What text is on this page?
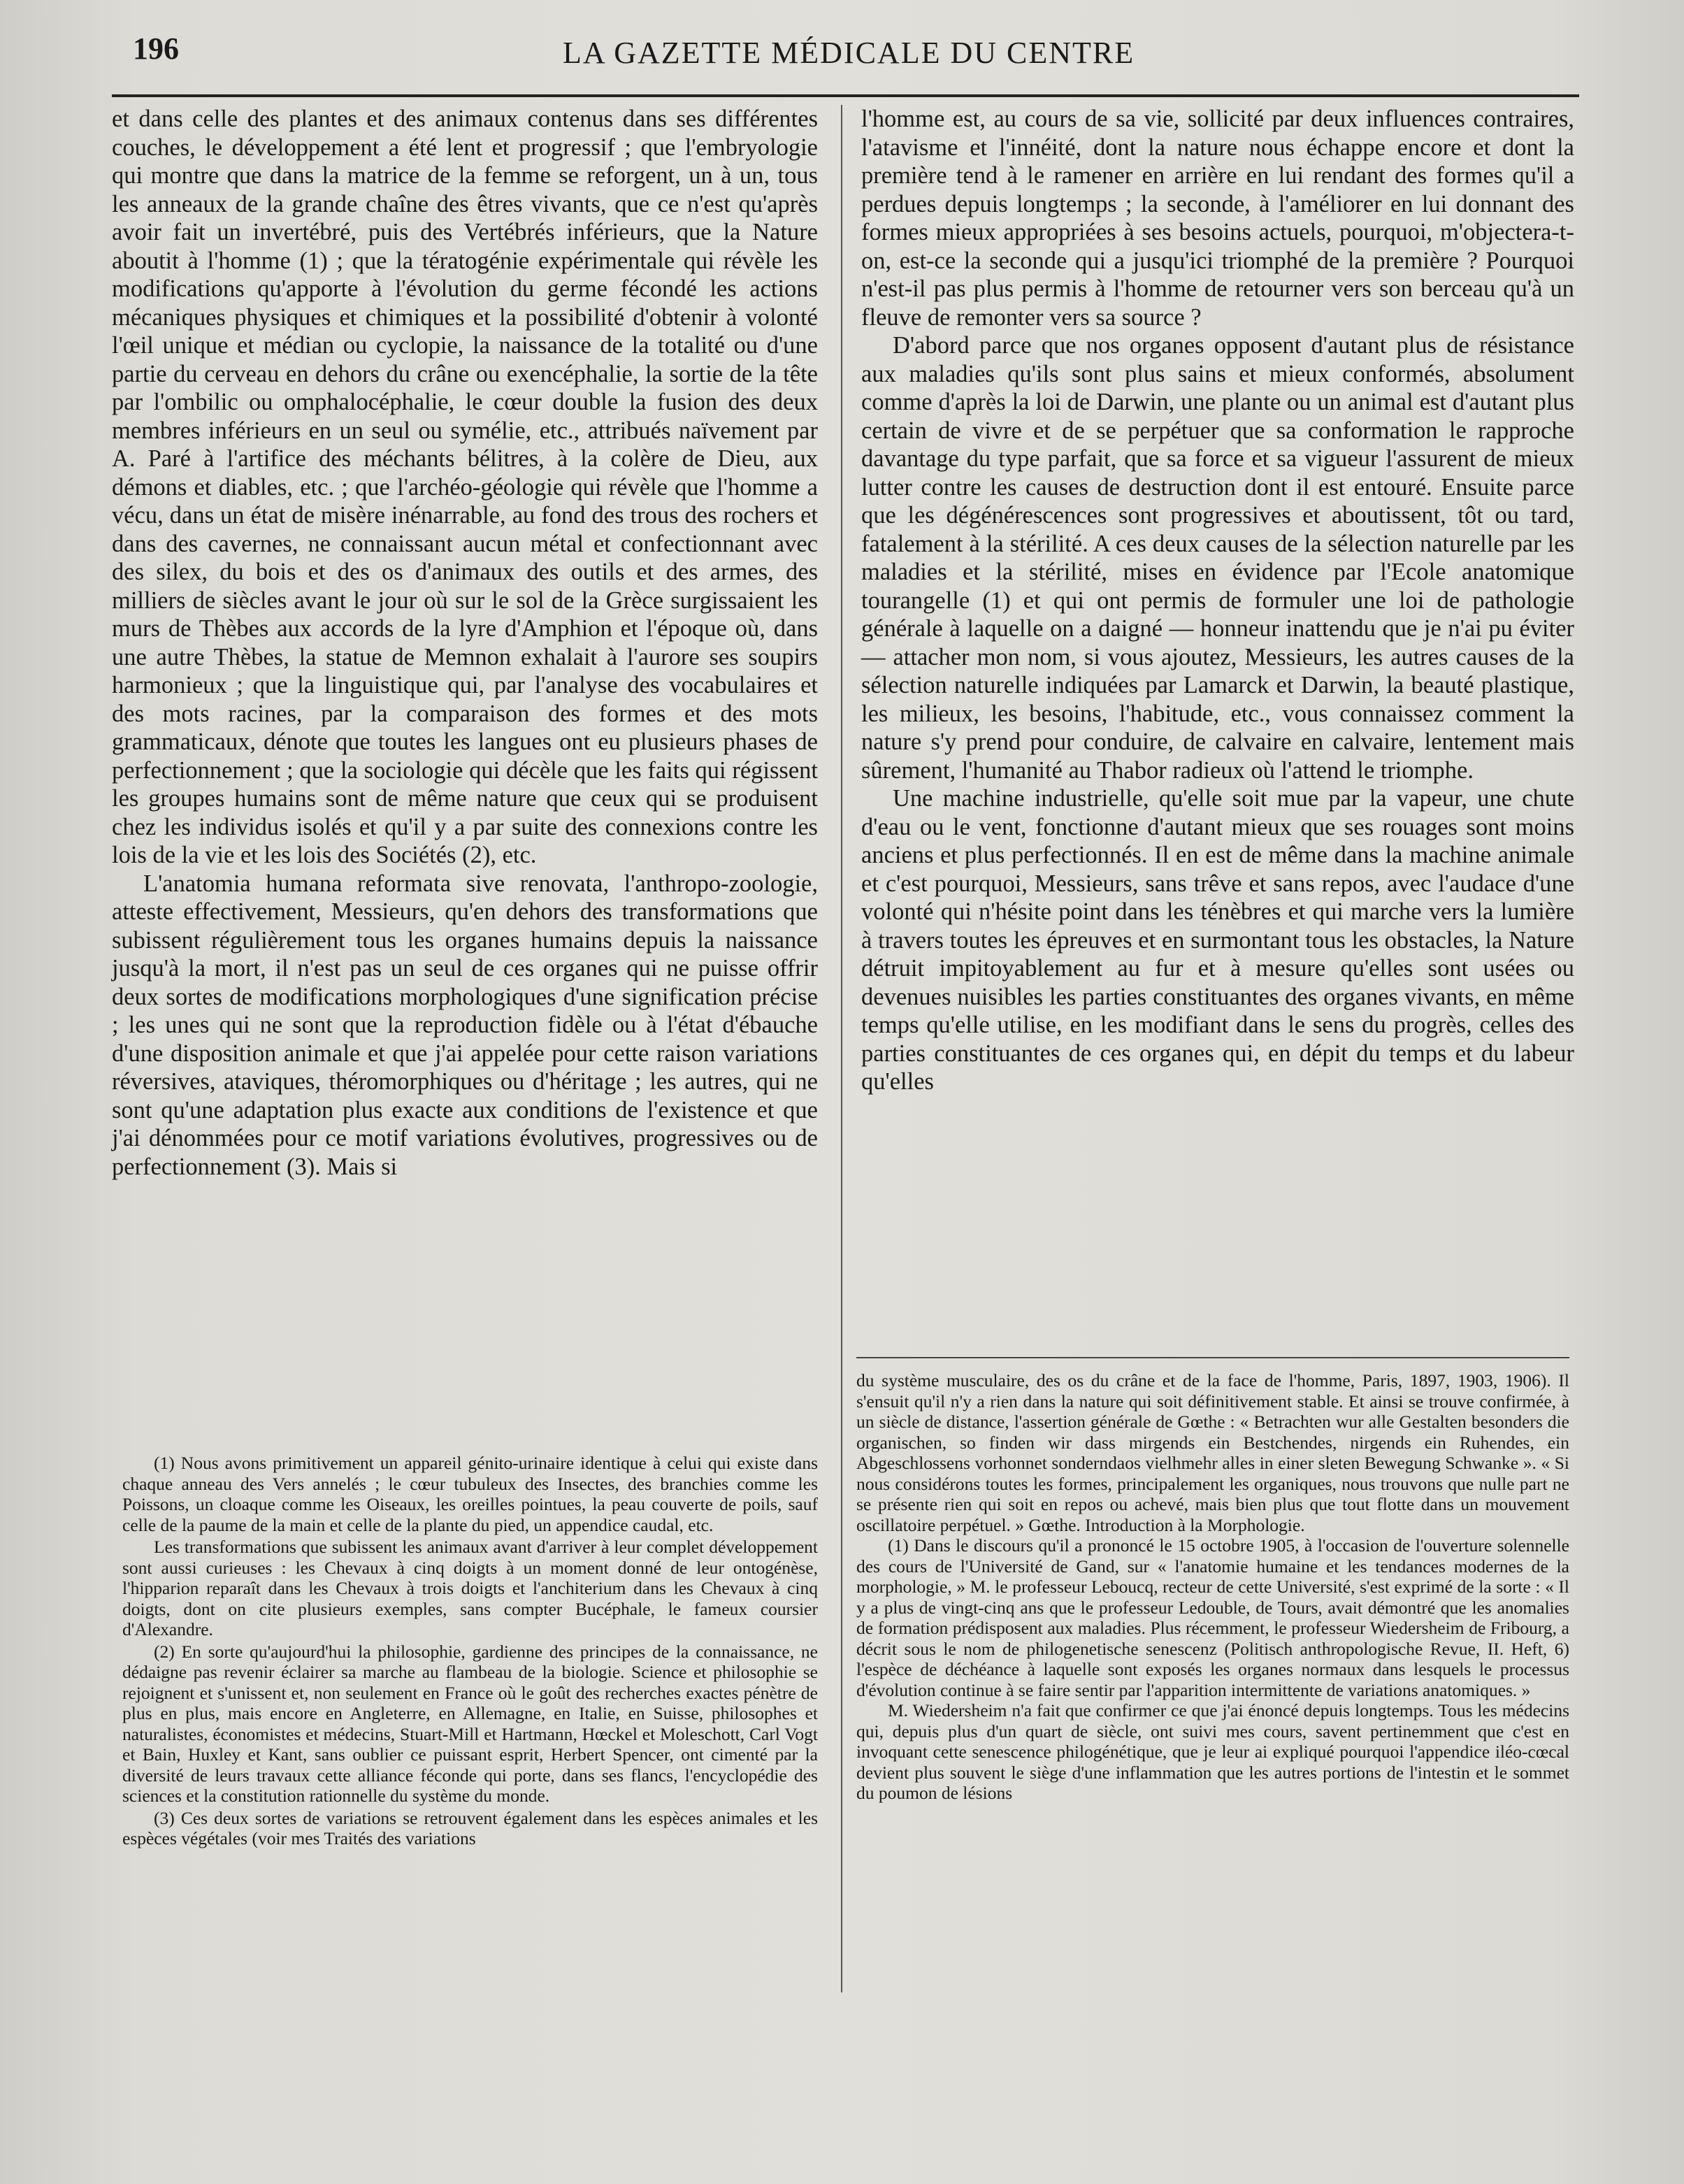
196	LA GAZETTE MÉDICALE DU CENTRE

et dans celle des plantes et des animaux contenus dans ses différentes couches, le développement a été lent et progressif ; que l'embryologie qui montre que dans la matrice de la femme se reforgent, un à un, tous les anneaux de la grande chaîne des êtres vivants, que ce n'est qu'après avoir fait un invertébré, puis des Vertébrés inférieurs, que la Nature aboutit à l'homme (1) ; que la tératogénie expérimentale qui révèle les modifications qu'apporte à l'évolution du germe fécondé les actions mécaniques physiques et chimiques et la possibilité d'obtenir à volonté l'œil unique et médian ou cyclopie, la naissance de la totalité ou d'une partie du cerveau en dehors du crâne ou exencéphalie, la sortie de la tête par l'ombilic ou omphalocéphalie, le cœur double la fusion des deux membres inférieurs en un seul ou symélie, etc., attribués naïvement par A. Paré à l'artifice des méchants bélitres, à la colère de Dieu, aux démons et diables, etc. ; que l'archéo-géologie qui révèle que l'homme a vécu, dans un état de misère inénarrable, au fond des trous des rochers et dans des cavernes, ne connaissant aucun métal et confectionnant avec des silex, du bois et des os d'animaux des outils et des armes, des milliers de siècles avant le jour où sur le sol de la Grèce surgissaient les murs de Thèbes aux accords de la lyre d'Amphion et l'époque où, dans une autre Thèbes, la statue de Memnon exhalait à l'aurore ses soupirs harmonieux ; que la linguistique qui, par l'analyse des vocabulaires et des mots racines, par la comparaison des formes et des mots grammaticaux, dénote que toutes les langues ont eu plusieurs phases de perfectionnement ; que la sociologie qui décèle que les faits qui régissent les groupes humains sont de même nature que ceux qui se produisent chez les individus isolés et qu'il y a par suite des connexions contre les lois de la vie et les lois des Sociétés (2), etc.

L'anatomia humana reformata sive renovata, l'anthropo-zoologie, atteste effectivement, Messieurs, qu'en dehors des transformations que subissent régulièrement tous les organes humains depuis la naissance jusqu'à la mort, il n'est pas un seul de ces organes qui ne puisse offrir deux sortes de modifications morphologiques d'une signification précise ; les unes qui ne sont que la reproduction fidèle ou à l'état d'ébauche d'une disposition animale et que j'ai appelée pour cette raison variations réversives, ataviques, théromorphiques ou d'héritage ; les autres, qui ne sont qu'une adaptation plus exacte aux conditions de l'existence et que j'ai dénommées pour ce motif variations évolutives, progressives ou de perfectionnement (3). Mais si

l'homme est, au cours de sa vie, sollicité par deux influences contraires, l'atavisme et l'innéité, dont la nature nous échappe encore et dont la première tend à le ramener en arrière en lui rendant des formes qu'il a perdues depuis longtemps ; la seconde, à l'améliorer en lui donnant des formes mieux appropriées à ses besoins actuels, pourquoi, m'objectera-t-on, est-ce la seconde qui a jusqu'ici triomphé de la première ? Pourquoi n'est-il pas plus permis à l'homme de retourner vers son berceau qu'à un fleuve de remonter vers sa source ?

D'abord parce que nos organes opposent d'autant plus de résistance aux maladies qu'ils sont plus sains et mieux conformés, absolument comme d'après la loi de Darwin, une plante ou un animal est d'autant plus certain de vivre et de se perpétuer que sa conformation le rapproche davantage du type parfait, que sa force et sa vigueur l'assurent de mieux lutter contre les causes de destruction dont il est entouré. Ensuite parce que les dégénérescences sont progressives et aboutissent, tôt ou tard, fatalement à la stérilité. A ces deux causes de la sélection naturelle par les maladies et la stérilité, mises en évidence par l'Ecole anatomique tourangelle (1) et qui ont permis de formuler une loi de pathologie générale à laquelle on a daigné — honneur inattendu que je n'ai pu éviter — attacher mon nom, si vous ajoutez, Messieurs, les autres causes de la sélection naturelle indiquées par Lamarck et Darwin, la beauté plastique, les milieux, les besoins, l'habitude, etc., vous connaissez comment la nature s'y prend pour conduire, de calvaire en calvaire, lentement mais sûrement, l'humanité au Thabor radieux où l'attend le triomphe.

Une machine industrielle, qu'elle soit mue par la vapeur, une chute d'eau ou le vent, fonctionne d'autant mieux que ses rouages sont moins anciens et plus perfectionnés. Il en est de même dans la machine animale et c'est pourquoi, Messieurs, sans trêve et sans repos, avec l'audace d'une volonté qui n'hésite point dans les ténèbres et qui marche vers la lumière à travers toutes les épreuves et en surmontant tous les obstacles, la Nature détruit impitoyablement au fur et à mesure qu'elles sont usées ou devenues nuisibles les parties constituantes des organes vivants, en même temps qu'elle utilise, en les modifiant dans le sens du progrès, celles des parties constituantes de ces organes qui, en dépit du temps et du labeur qu'elles

(1) Nous avons primitivement un appareil génito-urinaire identique à celui qui existe dans chaque anneau des Vers annelés ; le cœur tubuleux des Insectes, des branchies comme les Poissons, un cloaque comme les Oiseaux, les oreilles pointues, la peau couverte de poils, sauf celle de la paume de la main et celle de la plante du pied, un appendice caudal, etc.

Les transformations que subissent les animaux avant d'arriver à leur complet développement sont aussi curieuses : les Chevaux à cinq doigts à un moment donné de leur ontogénèse, l'hipparion reparaît dans les Chevaux à trois doigts et l'anchiterium dans les Chevaux à cinq doigts, dont on cite plusieurs exemples, sans compter Bucéphale, le fameux coursier d'Alexandre.

(2) En sorte qu'aujourd'hui la philosophie, gardienne des principes de la connaissance, ne dédaigne pas revenir éclairer sa marche au flambeau de la biologie. Science et philosophie se rejoignent et s'unissent et, non seulement en France où le goût des recherches exactes pénètre de plus en plus, mais encore en Angleterre, en Allemagne, en Italie, en Suisse, philosophes et naturalistes, économistes et médecins, Stuart-Mill et Hartmann, Hœckel et Moleschott, Carl Vogt et Bain, Huxley et Kant, sans oublier ce puissant esprit, Herbert Spencer, ont cimenté par la diversité de leurs travaux cette alliance féconde qui porte, dans ses flancs, l'encyclopédie des sciences et la constitution rationnelle du système du monde.

(3) Ces deux sortes de variations se retrouvent également dans les espèces animales et les espèces végétales (voir mes Traités des variations

du système musculaire, des os du crâne et de la face de l'homme, Paris, 1897, 1903, 1906). Il s'ensuit qu'il n'y a rien dans la nature qui soit définitivement stable. Et ainsi se trouve confirmée, à un siècle de distance, l'assertion générale de Gœthe : « Betrachten wur alle Gestalten besonders die organischen, so finden wir dass mirgends ein Bestchendes, nirgends ein Ruhendes, ein Abgeschlossens vorhonnet sonderndaos vielhmehr alles in einer sleten Bewegung Schwanke ». « Si nous considérons toutes les formes, principalement les organiques, nous trouvons que nulle part ne se présente rien qui soit en repos ou achevé, mais bien plus que tout flotte dans un mouvement oscillatoire perpétuel. » Gœthe. Introduction à la Morphologie.

(1) Dans le discours qu'il a prononcé le 15 octobre 1905, à l'occasion de l'ouverture solennelle des cours de l'Université de Gand, sur « l'anatomie humaine et les tendances modernes de la morphologie, » M. le professeur Leboucq, recteur de cette Université, s'est exprimé de la sorte : « Il y a plus de vingt-cinq ans que le professeur Ledouble, de Tours, avait démontré que les anomalies de formation prédisposent aux maladies. Plus récemment, le professeur Wiedersheim de Fribourg, a décrit sous le nom de philogenetische senescenz (Politisch anthropologische Revue, II. Heft, 6) l'espèce de déchéance à laquelle sont exposés les organes normaux dans lesquels le processus d'évolution continue à se faire sentir par l'apparition intermittente de variations anatomiques. »

M. Wiedersheim n'a fait que confirmer ce que j'ai énoncé depuis longtemps. Tous les médecins qui, depuis plus d'un quart de siècle, ont suivi mes cours, savent pertinemment que c'est en invoquant cette senescence philogénétique, que je leur ai expliqué pourquoi l'appendice iléo-cœcal devient plus souvent le siège d'une inflammation que les autres portions de l'intestin et le sommet du poumon de lésions
